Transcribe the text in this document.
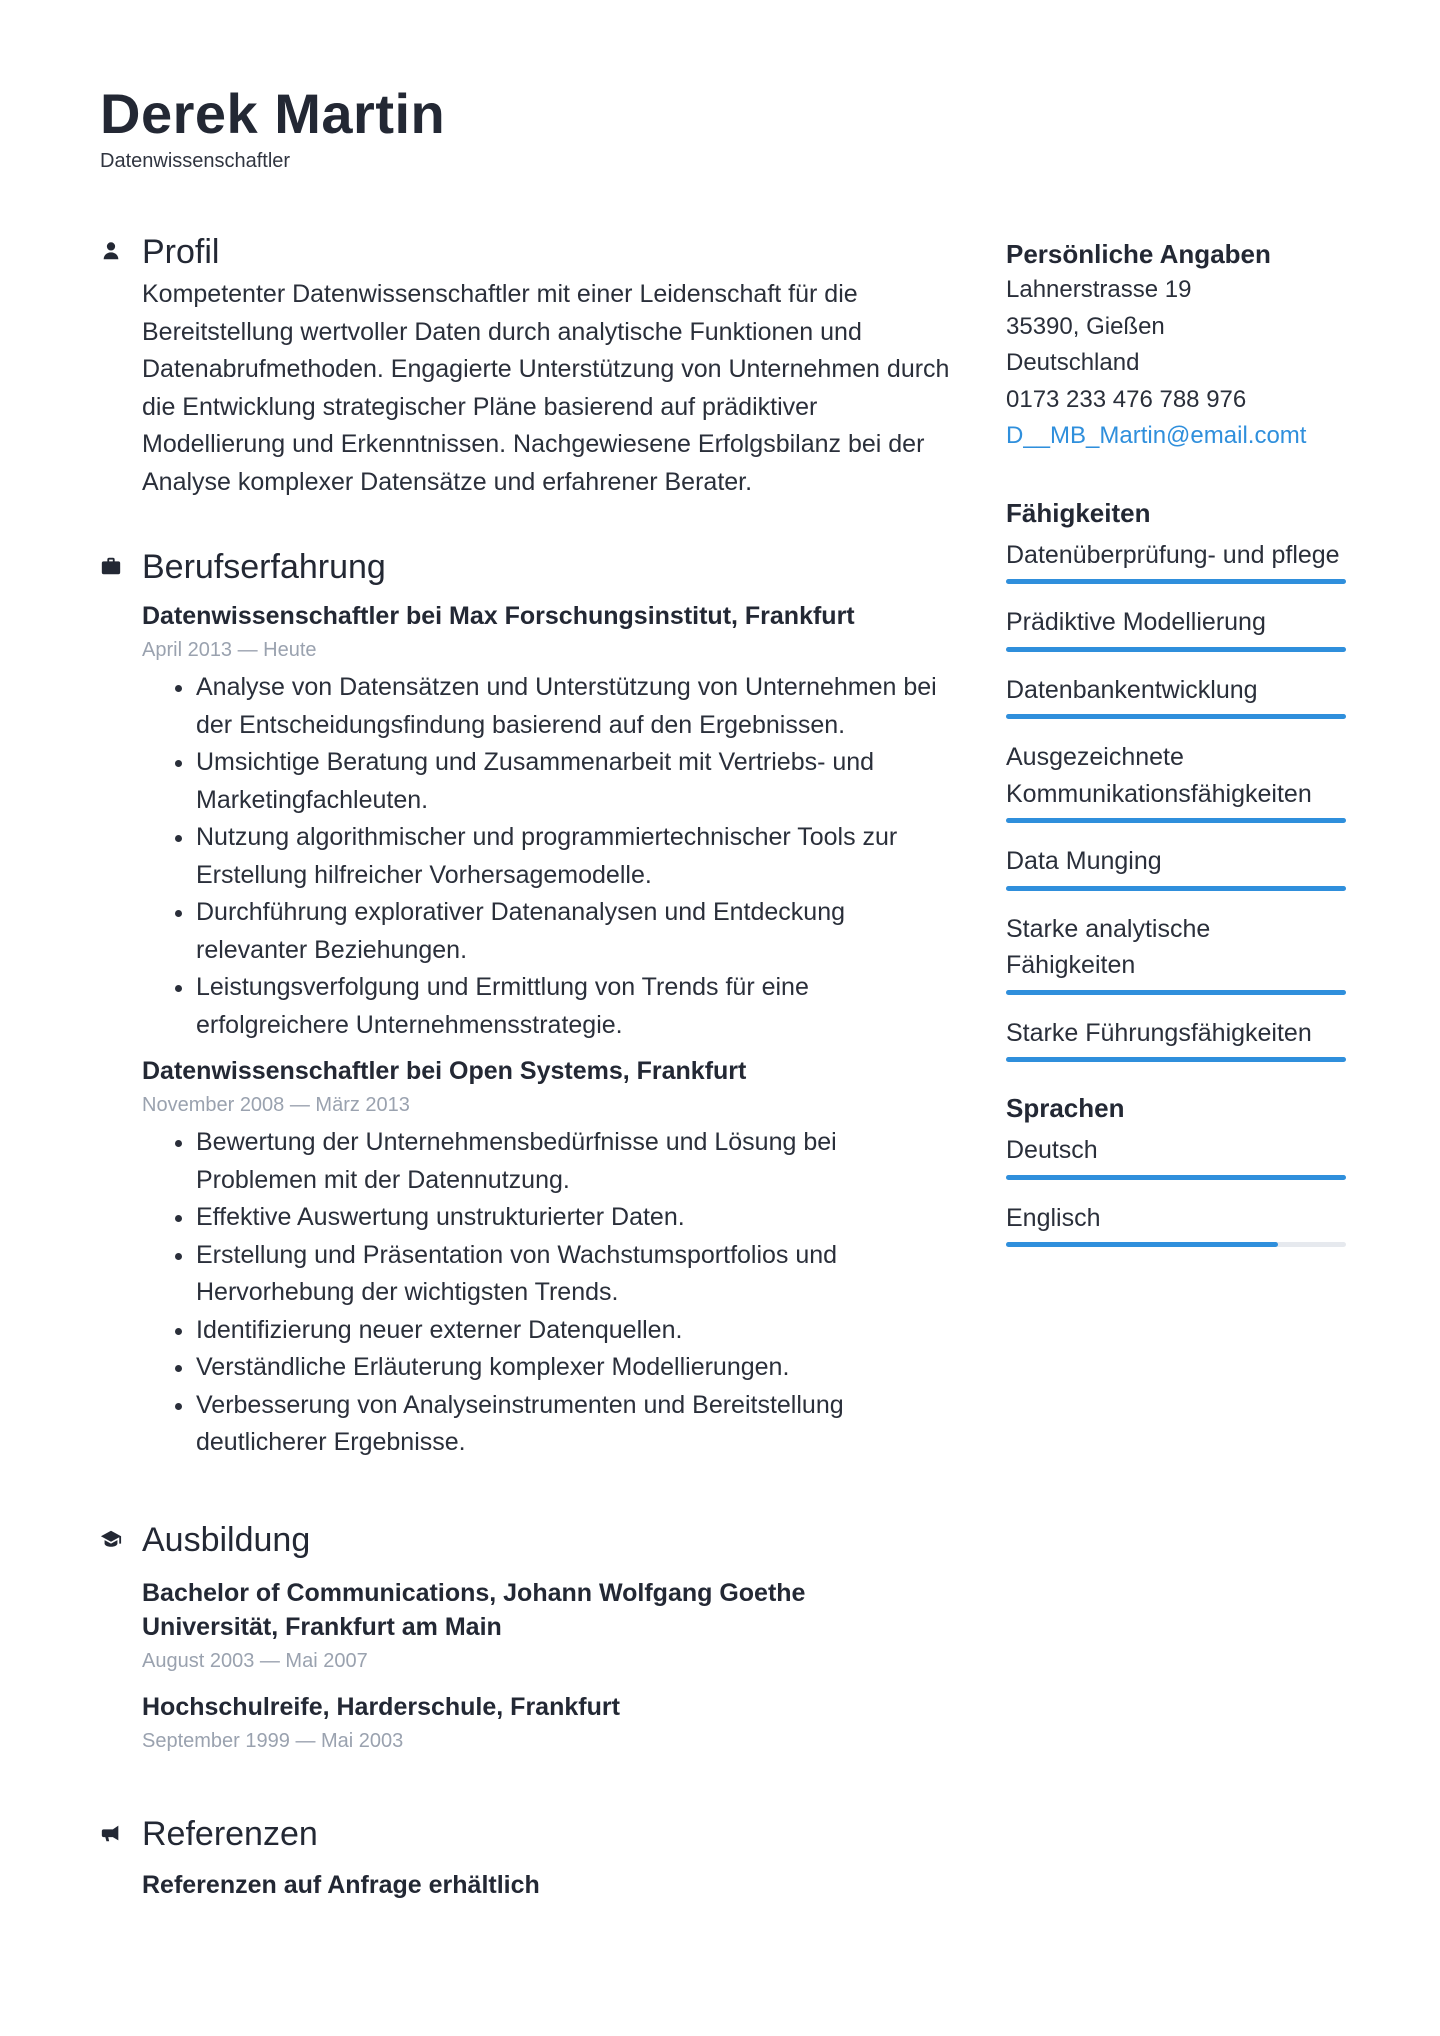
Derek Martin
Datenwissenschaftler
Profil
Kompetenter Datenwissenschaftler mit einer Leidenschaft für die Bereitstellung wertvoller Daten durch analytische Funktionen und Datenabrufmethoden. Engagierte Unterstützung von Unternehmen durch die Entwicklung strategischer Pläne basierend auf prädiktiver Modellierung und Erkenntnissen. Nachgewiesene Erfolgsbilanz bei der Analyse komplexer Datensätze und erfahrener Berater.
Berufserfahrung
Datenwissenschaftler bei Max Forschungsinstitut, Frankfurt
April 2013 — Heute
• Analyse von Datensätzen und Unterstützung von Unternehmen bei der Entscheidungsfindung basierend auf den Ergebnissen.
• Umsichtige Beratung und Zusammenarbeit mit Vertriebs- und Marketingfachleuten.
• Nutzung algorithmischer und programmiertechnischer Tools zur Erstellung hilfreicher Vorhersagemodelle.
• Durchführung explorativer Datenanalysen und Entdeckung relevanter Beziehungen.
• Leistungsverfolgung und Ermittlung von Trends für eine erfolgreichere Unternehmensstrategie.
Datenwissenschaftler bei Open Systems, Frankfurt
November 2008 — März 2013
• Bewertung der Unternehmensbedürfnisse und Lösung bei Problemen mit der Datennutzung.
• Effektive Auswertung unstrukturierter Daten.
• Erstellung und Präsentation von Wachstumsportfolios und Hervorhebung der wichtigsten Trends.
• Identifizierung neuer externer Datenquellen.
• Verständliche Erläuterung komplexer Modellierungen.
• Verbesserung von Analyseinstrumenten und Bereitstellung deutlicherer Ergebnisse.
Ausbildung
Bachelor of Communications, Johann Wolfgang Goethe Universität, Frankfurt am Main
August 2003 — Mai 2007
Hochschulreife, Harderschule, Frankfurt
September 1999 — Mai 2003
Referenzen
Referenzen auf Anfrage erhältlich
Persönliche Angaben
Lahnerstrasse 19
35390, Gießen
Deutschland
0173 233 476 788 976
D__MB_Martin@email.comt
Fähigkeiten
Datenüberprüfung- und pflege
Prädiktive Modellierung
Datenbankentwicklung
Ausgezeichnete Kommunikationsfähigkeiten
Data Munging
Starke analytische Fähigkeiten
Starke Führungsfähigkeiten
Sprachen
Deutsch
Englisch
